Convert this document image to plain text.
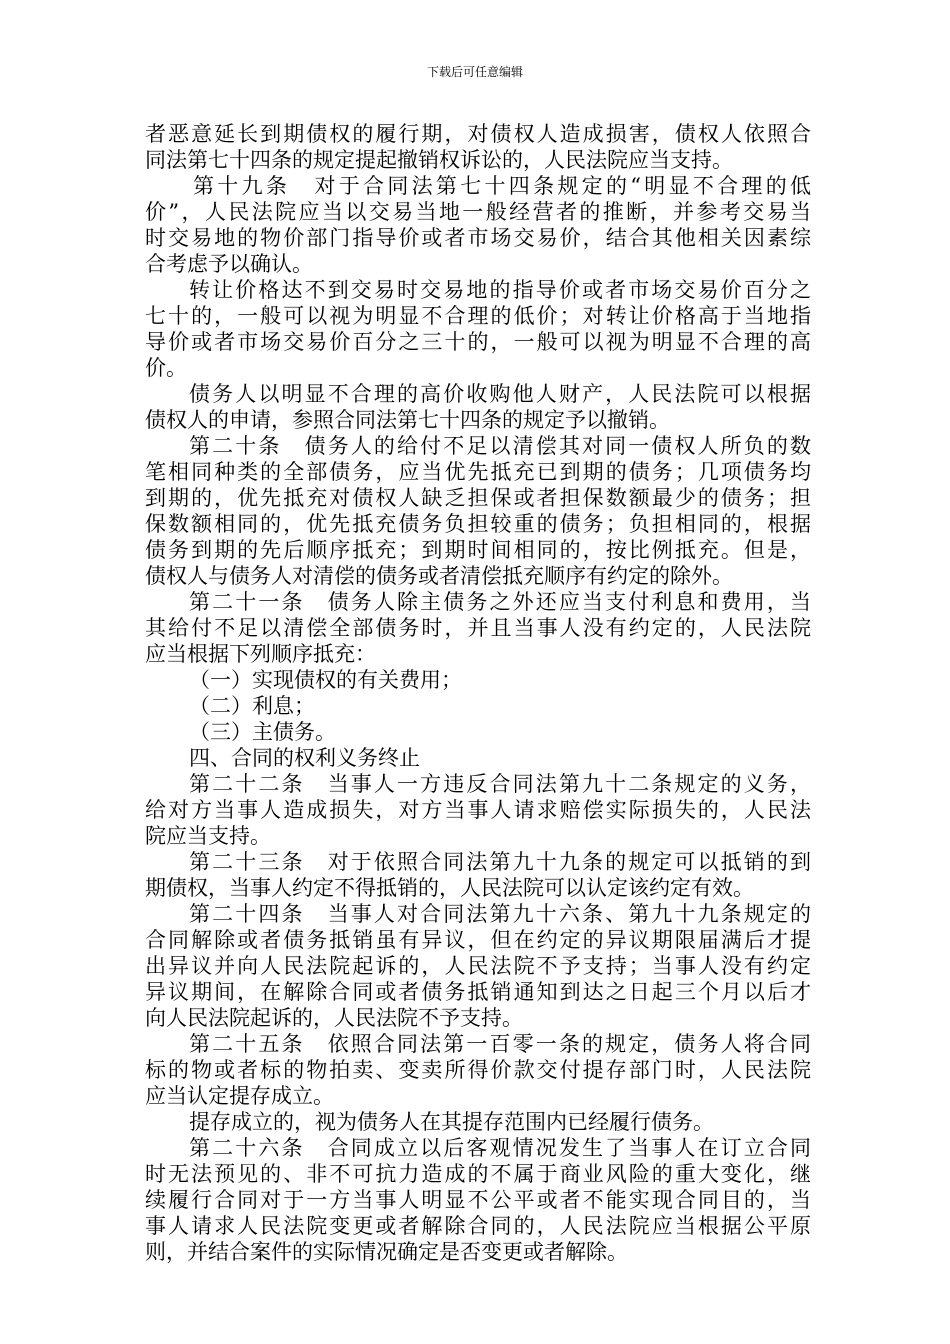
下载后可任意编辑
者恶意延长到期债权的履行期，对债权人造成损害，债权人依照合
同法第七十四条的规定提起撤销权诉讼的，人民法院应当支持。
第十九条　对于合同法第七十四条规定的“明显不合理的低
价”，人民法院应当以交易当地一般经营者的推断，并参考交易当
时交易地的物价部门指导价或者市场交易价，结合其他相关因素综
合考虑予以确认。
转让价格达不到交易时交易地的指导价或者市场交易价百分之
七十的，一般可以视为明显不合理的低价；对转让价格高于当地指
导价或者市场交易价百分之三十的，一般可以视为明显不合理的高
价。
债务人以明显不合理的高价收购他人财产，人民法院可以根据
债权人的申请，参照合同法第七十四条的规定予以撤销。
第二十条　债务人的给付不足以清偿其对同一债权人所负的数
笔相同种类的全部债务，应当优先抵充已到期的债务；几项债务均
到期的，优先抵充对债权人缺乏担保或者担保数额最少的债务；担
保数额相同的，优先抵充债务负担较重的债务；负担相同的，根据
债务到期的先后顺序抵充；到期时间相同的，按比例抵充。但是，
债权人与债务人对清偿的债务或者清偿抵充顺序有约定的除外。
第二十一条　债务人除主债务之外还应当支付利息和费用，当
其给付不足以清偿全部债务时，并且当事人没有约定的，人民法院
应当根据下列顺序抵充：
（一）实现债权的有关费用；
（二）利息；
（三）主债务。
四、合同的权利义务终止
第二十二条　当事人一方违反合同法第九十二条规定的义务，
给对方当事人造成损失，对方当事人请求赔偿实际损失的，人民法
院应当支持。
第二十三条　对于依照合同法第九十九条的规定可以抵销的到
期债权，当事人约定不得抵销的，人民法院可以认定该约定有效。
第二十四条　当事人对合同法第九十六条、第九十九条规定的
合同解除或者债务抵销虽有异议，但在约定的异议期限届满后才提
出异议并向人民法院起诉的，人民法院不予支持；当事人没有约定
异议期间，在解除合同或者债务抵销通知到达之日起三个月以后才
向人民法院起诉的，人民法院不予支持。
第二十五条　依照合同法第一百零一条的规定，债务人将合同
标的物或者标的物拍卖、变卖所得价款交付提存部门时，人民法院
应当认定提存成立。
提存成立的，视为债务人在其提存范围内已经履行债务。
第二十六条　合同成立以后客观情况发生了当事人在订立合同
时无法预见的、非不可抗力造成的不属于商业风险的重大变化，继
续履行合同对于一方当事人明显不公平或者不能实现合同目的，当
事人请求人民法院变更或者解除合同的，人民法院应当根据公平原
则，并结合案件的实际情况确定是否变更或者解除。
